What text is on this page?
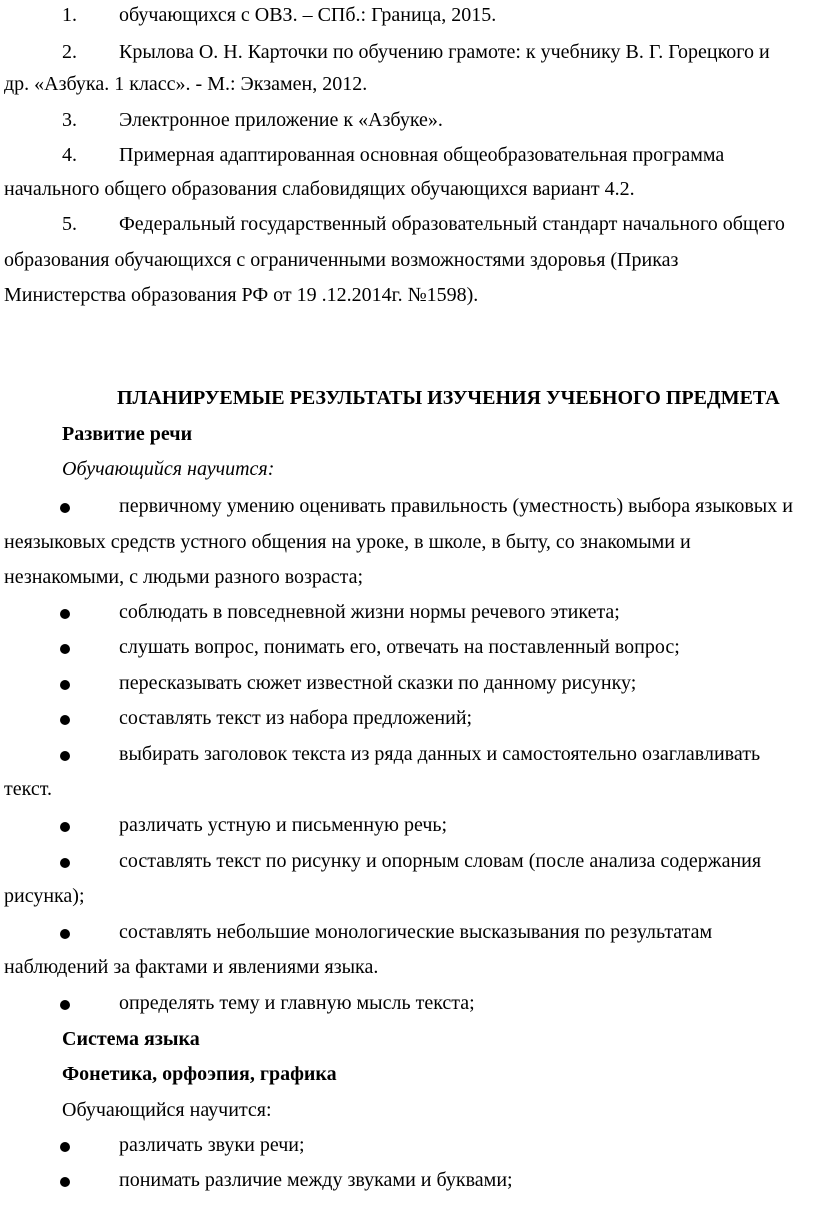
1. обучающихся с ОВЗ. – СПб.: Граница, 2015.
2. Крылова О. Н. Карточки по обучению грамоте: к учебнику В. Г. Горецкого и
др. «Азбука. 1 класс». - М.: Экзамен, 2012.
3. Электронное приложение к «Азбуке».
4. Примерная адаптированная основная общеобразовательная программа
начального общего образования слабовидящих обучающихся вариант 4.2.
5. Федеральный государственный образовательный стандарт начального общего
образования обучающихся с ограниченными возможностями здоровья (Приказ
Министерства образования РФ от 19 .12.2014г. №1598).
ПЛАНИРУЕМЫЕ РЕЗУЛЬТАТЫ ИЗУЧЕНИЯ УЧЕБНОГО ПРЕДМЕТА
Развитие речи
Обучающийся научится:
первичному умению оценивать правильность (уместность) выбора языковых и
неязыковых средств устного общения на уроке, в школе, в быту, со знакомыми и
незнакомыми, с людьми разного возраста;
соблюдать в повседневной жизни нормы речевого этикета;
слушать вопрос, понимать его, отвечать на поставленный вопрос;
пересказывать сюжет известной сказки по данному рисунку;
составлять текст из набора предложений;
выбирать заголовок текста из ряда данных и самостоятельно озаглавливать
текст.
различать устную и письменную речь;
составлять текст по рисунку и опорным словам (после анализа содержания
рисунка);
составлять небольшие монологические высказывания по результатам
наблюдений за фактами и явлениями языка.
определять тему и главную мысль текста;
Система языка
Фонетика, орфоэпия, графика
Обучающийся научится:
различать звуки речи;
понимать различие между звуками и буквами;
